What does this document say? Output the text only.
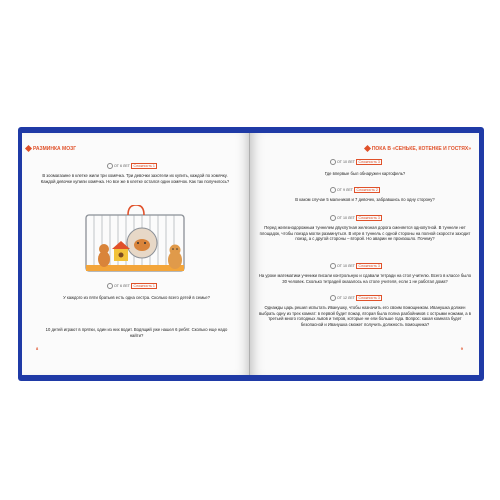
РАЗМИНКА МОЗГ
ОТ 6 ЛЕТ Сложность 1
В зоомагазине в клетке жили три хомячка. Три девочки захотели их купить, каждой по хомячку. Каждой девочке купили хомячка. Но все же в клетке остался один хомячок. Как так получилось?
ОТ 6 ЛЕТ Сложность 1
У каждого из пяти братьев есть одна сестра. Сколько всего детей в семье?
10 детей играют в прятки, один из них водит. Водящий уже нашел 6 ребят. Сколько еще надо найти?
8
ПОКА В «СЕНЬКЕ, КОТЕНКЕ И ГОСТЯХ»
ОТ 10 ЛЕТ Сложность 3
Где впервые был обнаружен картофель?
ОТ 9 ЛЕТ Сложность 2
В каком случае 5 мальчиков и 7 девочек, забравшись по одну сторону?
ОТ 10 ЛЕТ Сложность 3
Перед железнодорожным туннелем двухпутная железная дорога сменяется однопутной. В туннеле нет площадок, чтобы поезда могли разминуться. В игре в туннель с одной стороны на полной скорости заходит поезд, а с другой стороны – второй. Но аварии не произошло. Почему?
ОТ 10 ЛЕТ Сложность 3
На уроке математики ученики писали контрольную и сдавали тетради на стол учителю. Всего в классе было 30 человек. Сколько тетрадей оказалось на столе учителя, если 1 не работал дома?
ОТ 12 ЛЕТ Сложность 3
Однажды царь решил испытать Иванушку, чтобы назначить его своим помощником. Иванушка должен выбрать одну из трех комнат: в первой будет пожар, вторая была полна разбойников с острыми ножами, а в третьей много голодных львов и тигров, которые не ели больше года. Вопрос: какая комната будет безопасной и Иванушка сможет получить должность помощника?
9
